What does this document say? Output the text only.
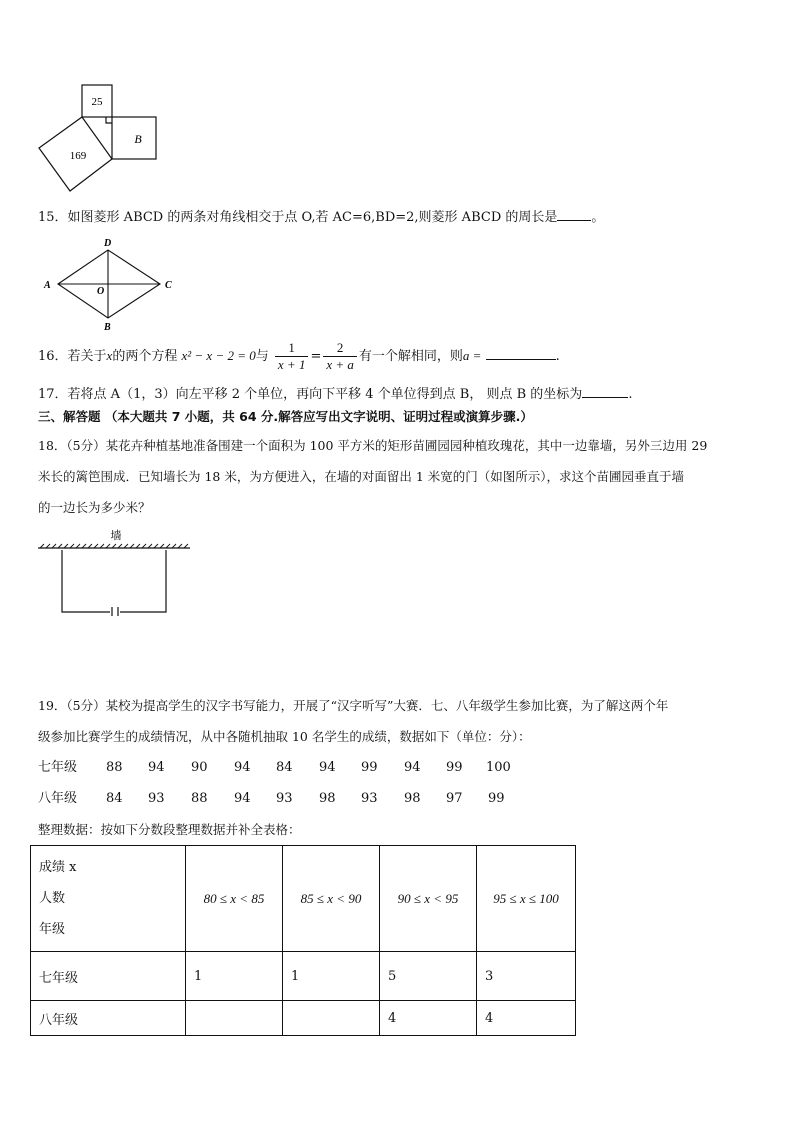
25
B
169
15．如图菱形 ABCD 的两条对角线相交于点 O,若 AC=6,BD=2,则菱形 ABCD 的周长是	。
A
D
C
B
O
16．若关于x的两个方程 x² − x − 2 = 0与 $\frac{1}{x + 1} = \frac{2}{x + a}$ 有一个解相同，则a =	.
17．若将点 A（1，3）向左平移 2 个单位，再向下平移 4 个单位得到点 B， 则点 B 的坐标为	.
三、解答题 （本大题共 7 小题，共 64 分.解答应写出文字说明、证明过程或演算步骤.）
18．（5分）某花卉种植基地准备围建一个面积为 100 平方米的矩形苗圃园园种植玫瑰花，其中一边靠墙，另外三边用 29
米长的篱笆围成．已知墙长为 18 米，为方便进入，在墙的对面留出 1 米宽的门（如图所示），求这个苗圃园垂直于墙
的一边长为多少米？
墙
19．（5分）某校为提高学生的汉字书写能力，开展了“汉字听写”大赛．七、八年级学生参加比赛，为了解这两个年
级参加比赛学生的成绩情况，从中各随机抽取 10 名学生的成绩，数据如下（单位：分）：
七年级 88 94 90 94 84 94 99 94 99 100
八年级 84 93 88 94 93 98 93 98 97 99
整理数据：按如下分数段整理数据并补全表格：
成绩 x
人数
年级	80 ≤ x < 85	85 ≤ x < 90	90 ≤ x < 95	95 ≤ x ≤ 100
七年级	1	1	5	3
八年级			4	4
